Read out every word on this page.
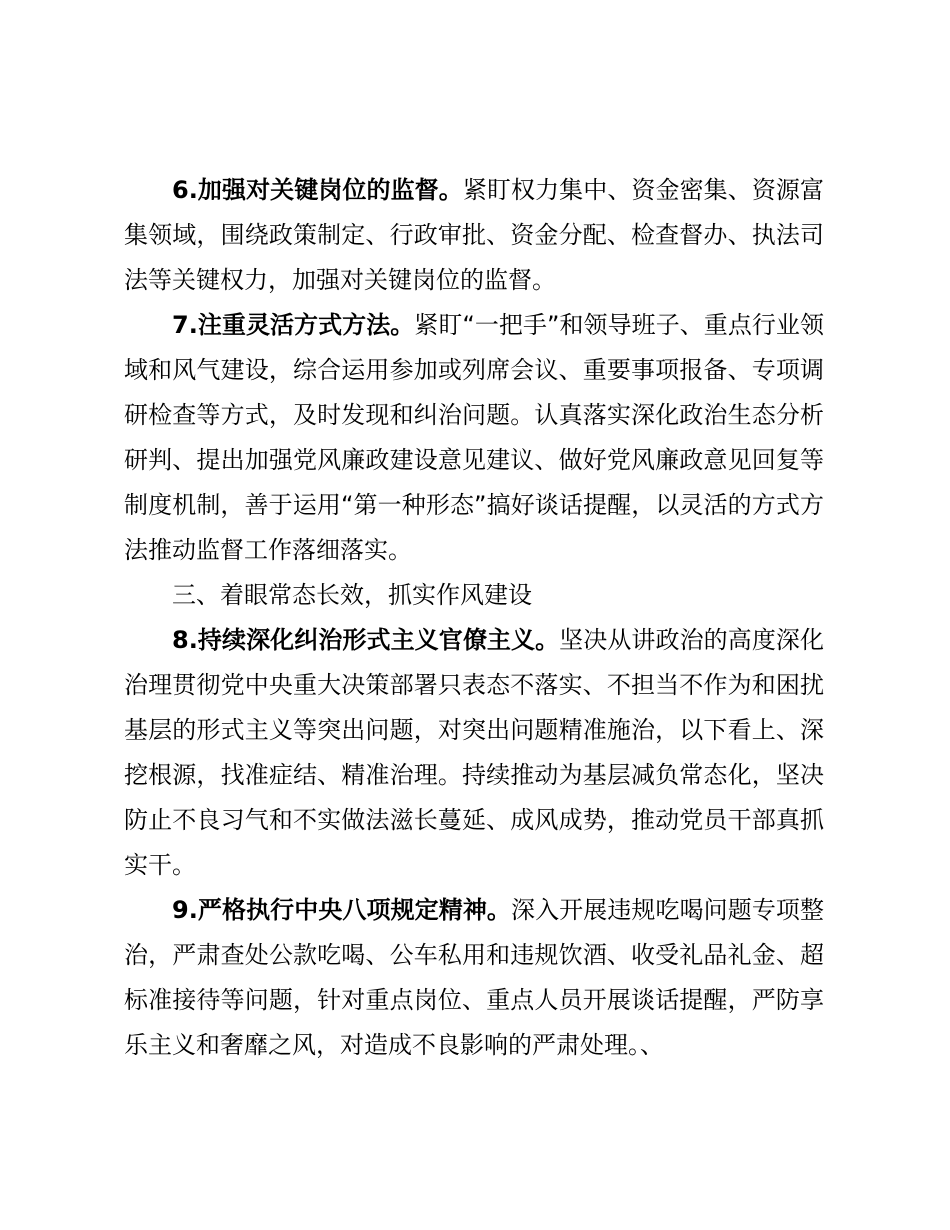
6.加强对关键岗位的监督。紧盯权力集中、资金密集、资源富集领域，围绕政策制定、行政审批、资金分配、检查督办、执法司法等关键权力，加强对关键岗位的监督。

7.注重灵活方式方法。紧盯“一把手”和领导班子、重点行业领域和风气建设，综合运用参加或列席会议、重要事项报备、专项调研检查等方式，及时发现和纠治问题。认真落实深化政治生态分析研判、提出加强党风廉政建设意见建议、做好党风廉政意见回复等制度机制，善于运用“第一种形态”搞好谈话提醒，以灵活的方式方法推动监督工作落细落实。

三、着眼常态长效，抓实作风建设

8.持续深化纠治形式主义官僚主义。坚决从讲政治的高度深化治理贯彻党中央重大决策部署只表态不落实、不担当不作为和困扰基层的形式主义等突出问题，对突出问题精准施治，以下看上、深挖根源，找准症结、精准治理。持续推动为基层减负常态化，坚决防止不良习气和不实做法滋长蔓延、成风成势，推动党员干部真抓实干。

9.严格执行中央八项规定精神。深入开展违规吃喝问题专项整治，严肃查处公款吃喝、公车私用和违规饮酒、收受礼品礼金、超标准接待等问题，针对重点岗位、重点人员开展谈话提醒，严防享乐主义和奢靡之风，对造成不良影响的严肃处理。、
